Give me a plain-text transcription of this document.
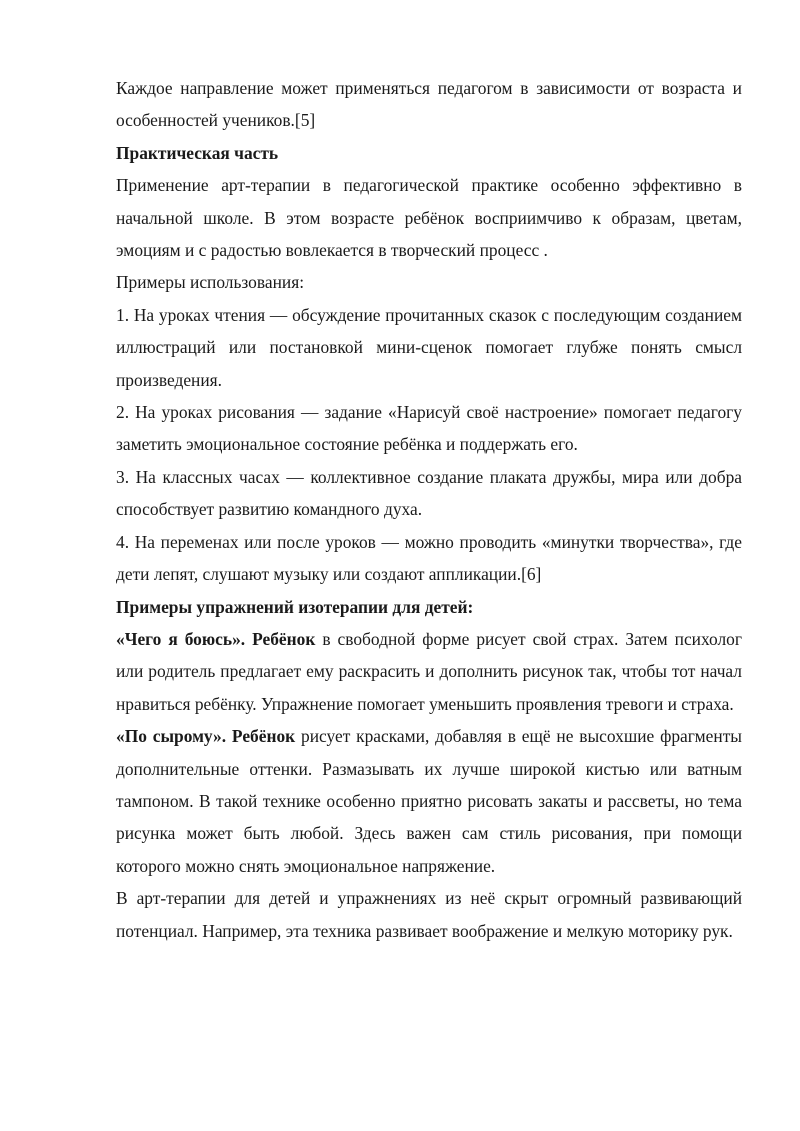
Каждое направление может применяться педагогом в зависимости от возраста и особенностей учеников.[5]

Практическая часть

Применение арт-терапии в педагогической практике особенно эффективно в начальной школе. В этом возрасте ребёнок восприимчиво к образам, цветам, эмоциям и с радостью вовлекается в творческий процесс .

Примеры использования:

1. На уроках чтения — обсуждение прочитанных сказок с последующим созданием иллюстраций или постановкой мини-сценок помогает глубже понять смысл произведения.

2. На уроках рисования — задание «Нарисуй своё настроение» помогает педагогу заметить эмоциональное состояние ребёнка и поддержать его.

3. На классных часах — коллективное создание плаката дружбы, мира или добра способствует развитию командного духа.

4. На переменах или после уроков — можно проводить «минутки творчества», где дети лепят, слушают музыку или создают аппликации.[6]

Примеры упражнений изотерапии для детей:

«Чего я боюсь». Ребёнок в свободной форме рисует свой страх. Затем психолог или родитель предлагает ему раскрасить и дополнить рисунок так, чтобы тот начал нравиться ребёнку. Упражнение помогает уменьшить проявления тревоги и страха.

«По сырому». Ребёнок рисует красками, добавляя в ещё не высохшие фрагменты дополнительные оттенки. Размазывать их лучше широкой кистью или ватным тампоном. В такой технике особенно приятно рисовать закаты и рассветы, но тема рисунка может быть любой. Здесь важен сам стиль рисования, при помощи которого можно снять эмоциональное напряжение.

В арт-терапии для детей и упражнениях из неё скрыт огромный развивающий потенциал. Например, эта техника развивает воображение и мелкую моторику рук.
